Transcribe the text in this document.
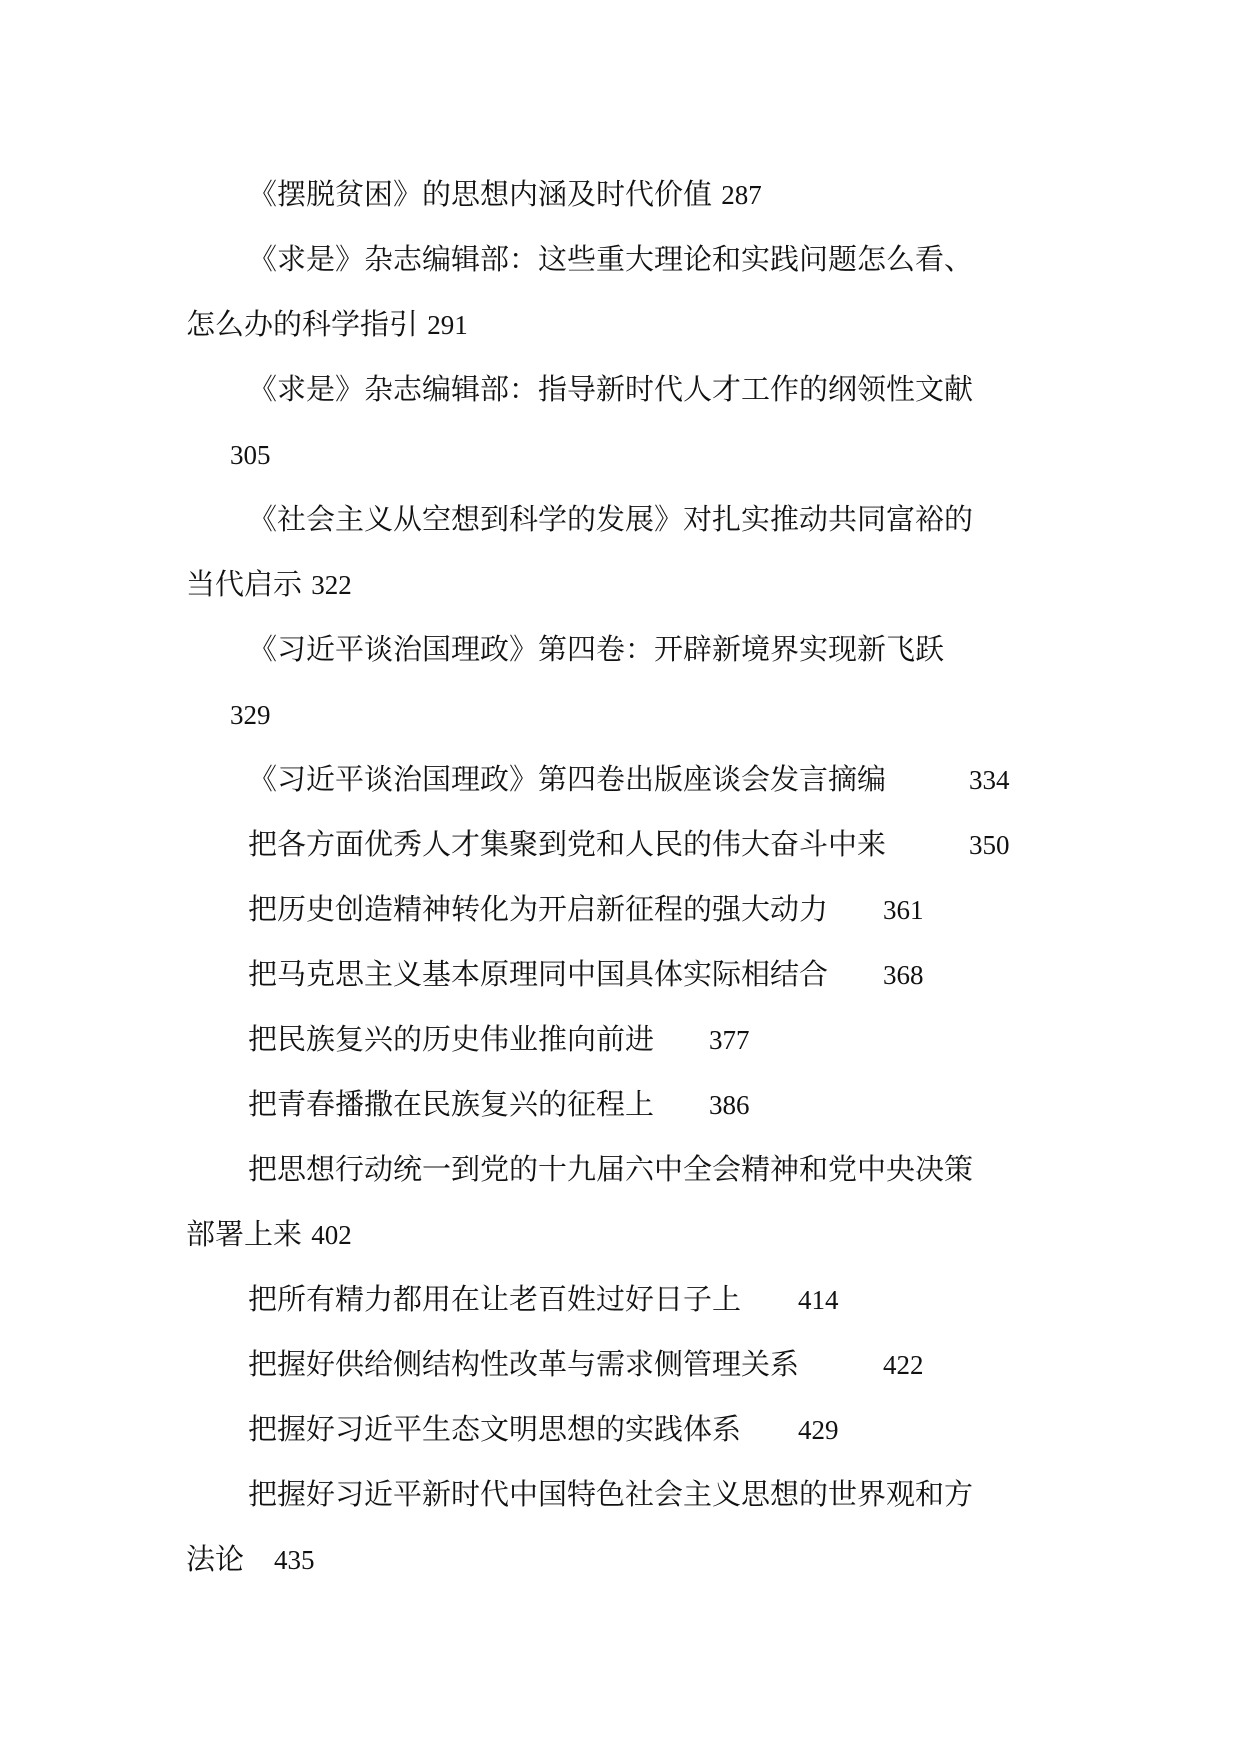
《摆脱贫困》的思想内涵及时代价值 287
《求是》杂志编辑部：这些重大理论和实践问题怎么看、
怎么办的科学指引 291
《求是》杂志编辑部：指导新时代人才工作的纲领性文献
305
《社会主义从空想到科学的发展》对扎实推动共同富裕的
当代启示 322
《习近平谈治国理政》第四卷：开辟新境界实现新飞跃
329
《习近平谈治国理政》第四卷出版座谈会发言摘编	334
把各方面优秀人才集聚到党和人民的伟大奋斗中来	350
把历史创造精神转化为开启新征程的强大动力 361
把马克思主义基本原理同中国具体实际相结合 368
把民族复兴的历史伟业推向前进 377
把青春播撒在民族复兴的征程上 386
把思想行动统一到党的十九届六中全会精神和党中央决策
部署上来 402
把所有精力都用在让老百姓过好日子上 414
把握好供给侧结构性改革与需求侧管理关系	422
把握好习近平生态文明思想的实践体系 429
把握好习近平新时代中国特色社会主义思想的世界观和方
法论 435
